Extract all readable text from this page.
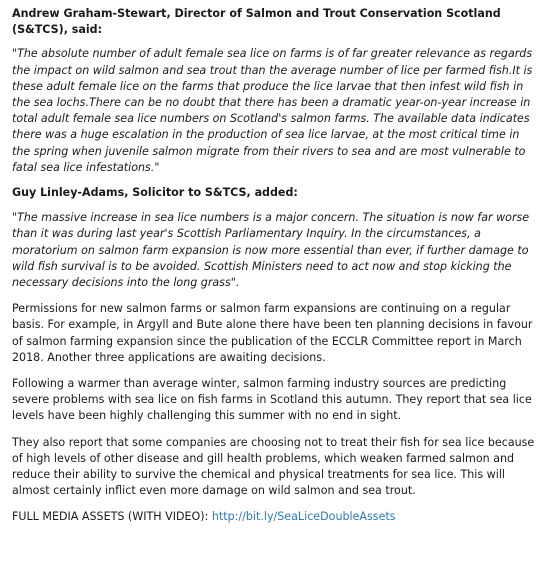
Andrew Graham-Stewart, Director of Salmon and Trout Conservation Scotland (S&TCS), said:

"The absolute number of adult female sea lice on farms is of far greater relevance as regards the impact on wild salmon and sea trout than the average number of lice per farmed fish.It is these adult female lice on the farms that produce the lice larvae that then infest wild fish in the sea lochs.There can be no doubt that there has been a dramatic year-on-year increase in total adult female sea lice numbers on Scotland's salmon farms. The available data indicates there was a huge escalation in the production of sea lice larvae, at the most critical time in the spring when juvenile salmon migrate from their rivers to sea and are most vulnerable to fatal sea lice infestations."

Guy Linley-Adams, Solicitor to S&TCS, added:

"The massive increase in sea lice numbers is a major concern. The situation is now far worse than it was during last year's Scottish Parliamentary Inquiry. In the circumstances, a moratorium on salmon farm expansion is now more essential than ever, if further damage to wild fish survival is to be avoided. Scottish Ministers need to act now and stop kicking the necessary decisions into the long grass".

Permissions for new salmon farms or salmon farm expansions are continuing on a regular basis. For example, in Argyll and Bute alone there have been ten planning decisions in favour of salmon farming expansion since the publication of the ECCLR Committee report in March 2018. Another three applications are awaiting decisions.

Following a warmer than average winter, salmon farming industry sources are predicting severe problems with sea lice on fish farms in Scotland this autumn. They report that sea lice levels have been highly challenging this summer with no end in sight.

They also report that some companies are choosing not to treat their fish for sea lice because of high levels of other disease and gill health problems, which weaken farmed salmon and reduce their ability to survive the chemical and physical treatments for sea lice. This will almost certainly inflict even more damage on wild salmon and sea trout.

FULL MEDIA ASSETS (WITH VIDEO): http://bit.ly/SeaLiceDoubleAssets
